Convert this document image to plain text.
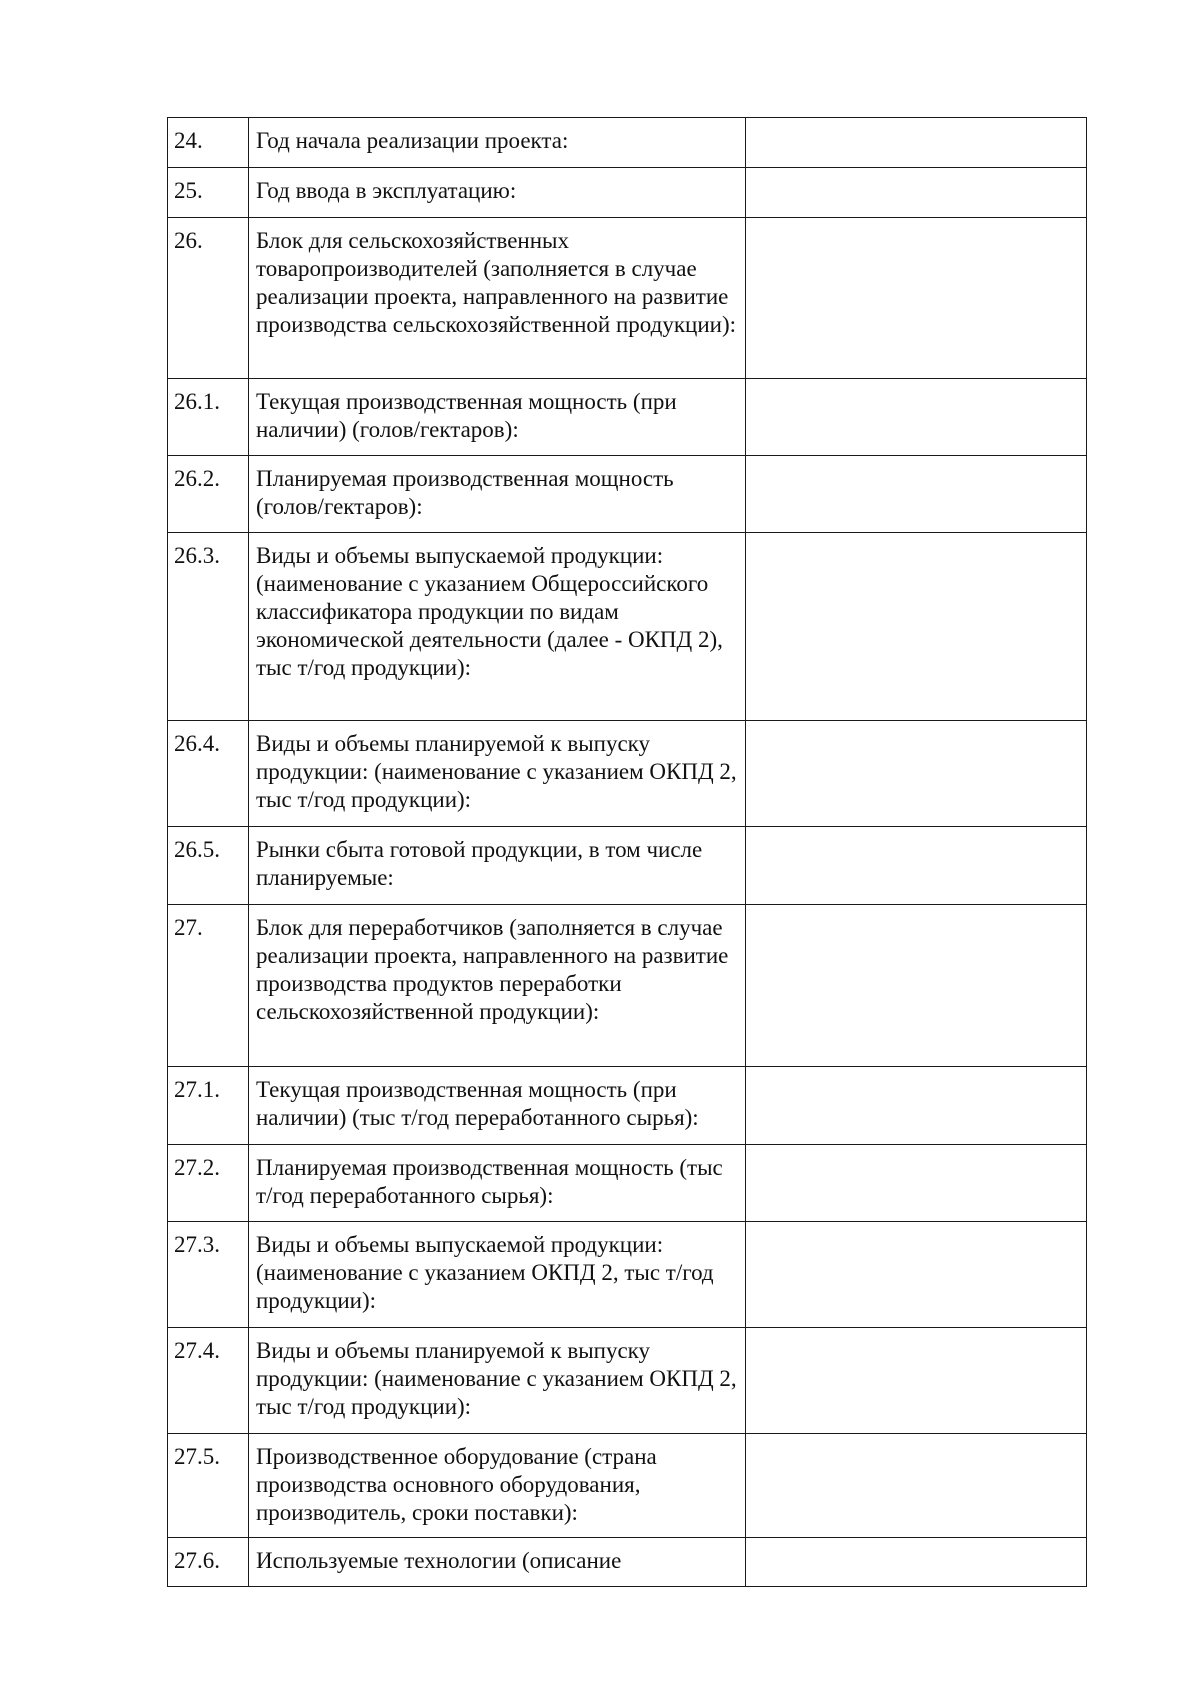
24.	Год начала реализации проекта:	
25.	Год ввода в эксплуатацию:	
26.	Блок для сельскохозяйственных товаропроизводителей (заполняется в случае реализации проекта, направленного на развитие производства сельскохозяйственной продукции):	
26.1.	Текущая производственная мощность (при наличии) (голов/гектаров):	
26.2.	Планируемая производственная мощность (голов/гектаров):	
26.3.	Виды и объемы выпускаемой продукции: (наименование с указанием Общероссийского классификатора продукции по видам экономической деятельности (далее - ОКПД 2), тыс т/год продукции):	
26.4.	Виды и объемы планируемой к выпуску продукции: (наименование с указанием ОКПД 2, тыс т/год продукции):	
26.5.	Рынки сбыта готовой продукции, в том числе планируемые:	
27.	Блок для переработчиков (заполняется в случае реализации проекта, направленного на развитие производства продуктов переработки сельскохозяйственной продукции):	
27.1.	Текущая производственная мощность (при наличии) (тыс т/год переработанного сырья):	
27.2.	Планируемая производственная мощность (тыс т/год переработанного сырья):	
27.3.	Виды и объемы выпускаемой продукции: (наименование с указанием ОКПД 2, тыс т/год продукции):	
27.4.	Виды и объемы планируемой к выпуску продукции: (наименование с указанием ОКПД 2, тыс т/год продукции):	
27.5.	Производственное оборудование (страна производства основного оборудования, производитель, сроки поставки):	
27.6.	Используемые технологии (описание	
